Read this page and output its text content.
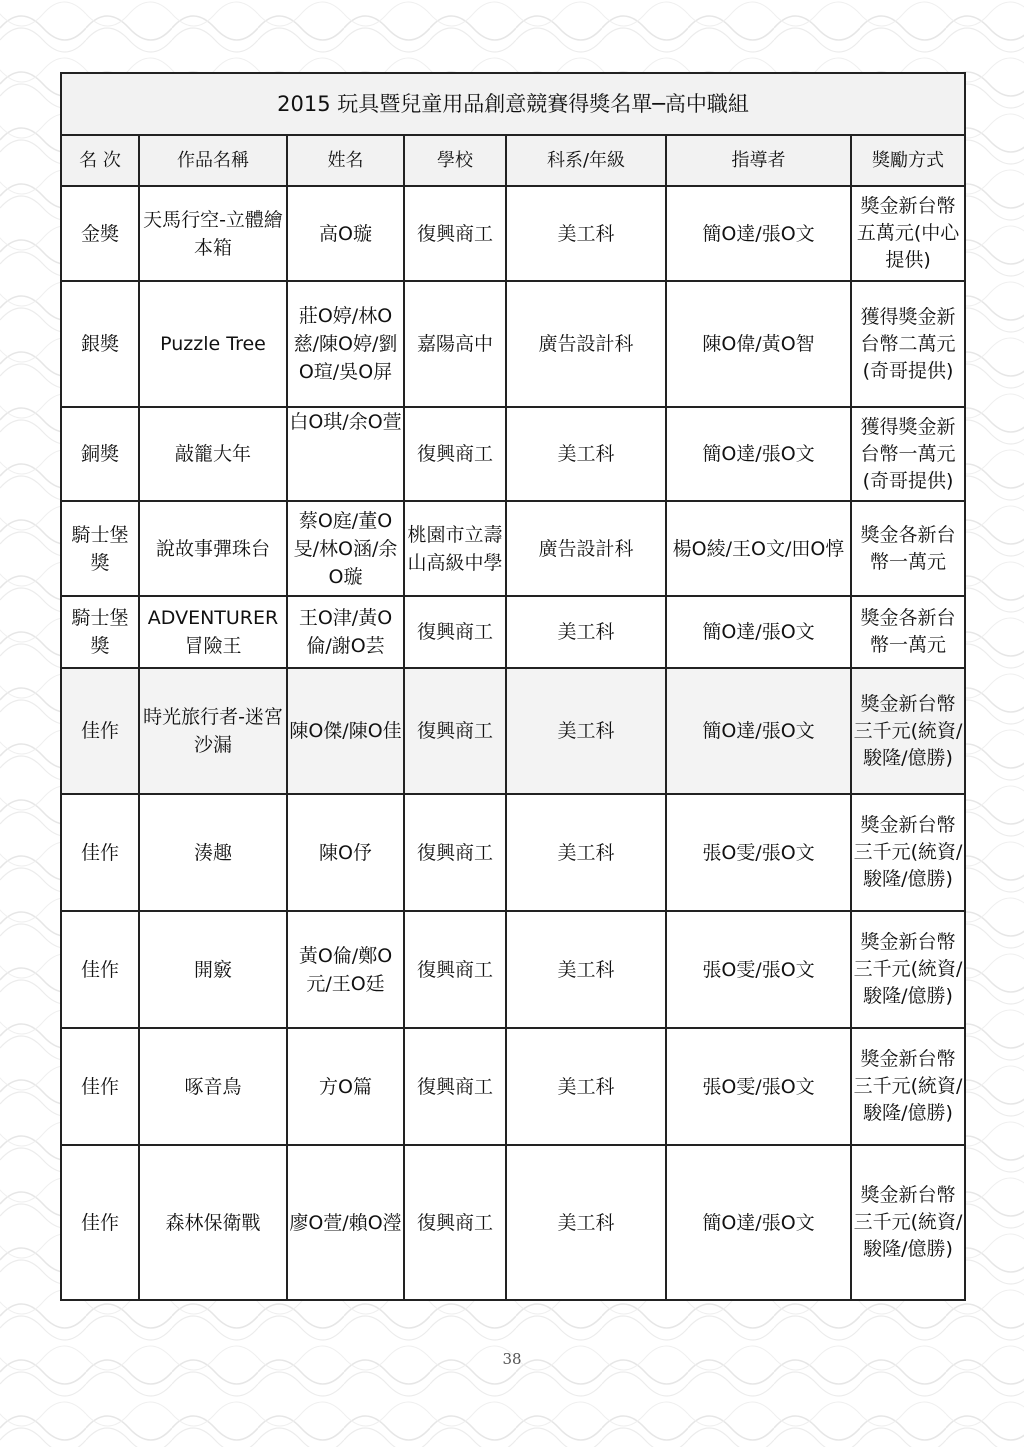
2015 玩具暨兒童用品創意競賽得獎名單─高中職組						
名 次	作品名稱	姓名	學校	科系/年級	指導者	獎勵方式
金獎	天馬行空-立體繪本箱	高O璇	復興商工	美工科	簡O達/張O文	獎金新台幣五萬元(中心提供)
銀獎	Puzzle Tree	莊O婷/林O慈/陳O婷/劉O瑄/吳O屏	嘉陽高中	廣告設計科	陳O偉/黃O智	獲得獎金新台幣二萬元(奇哥提供)
銅獎	敲籠大年	白O琪/余O萱	復興商工	美工科	簡O達/張O文	獲得獎金新台幣一萬元(奇哥提供)
騎士堡獎	說故事彈珠台	蔡O庭/董O旻/林O涵/余O璇	桃園市立壽山高級中學	廣告設計科	楊O綾/王O文/田O惇	獎金各新台幣一萬元
騎士堡獎	ADVENTURER冒險王	王O津/黃O倫/謝O芸	復興商工	美工科	簡O達/張O文	獎金各新台幣一萬元
佳作	時光旅行者-迷宮沙漏	陳O傑/陳O佳	復興商工	美工科	簡O達/張O文	獎金新台幣三千元(統資/駿隆/億勝)
佳作	湊趣	陳O伃	復興商工	美工科	張O雯/張O文	獎金新台幣三千元(統資/駿隆/億勝)
佳作	開竅	黃O倫/鄭O元/王O廷	復興商工	美工科	張O雯/張O文	獎金新台幣三千元(統資/駿隆/億勝)
佳作	啄音鳥	方O篇	復興商工	美工科	張O雯/張O文	獎金新台幣三千元(統資/駿隆/億勝)
佳作	森林保衛戰	廖O萱/賴O瀅	復興商工	美工科	簡O達/張O文	獎金新台幣三千元(統資/駿隆/億勝)
38
